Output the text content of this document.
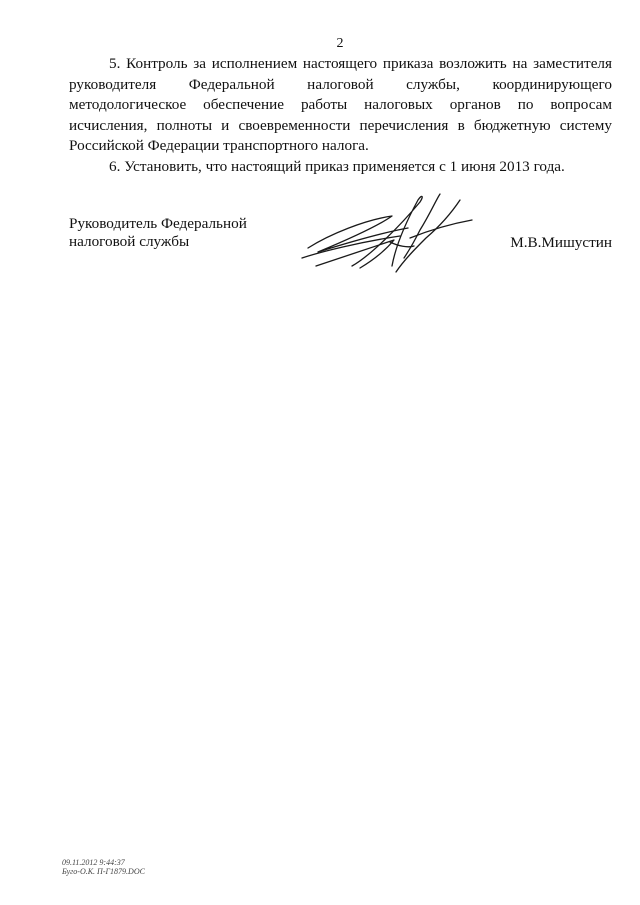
2

5. Контроль за исполнением настоящего приказа возложить на заместителя руководителя Федеральной налоговой службы, координирующего методологическое обеспечение работы налоговых органов по вопросам исчисления, полноты и своевременности перечисления в бюджетную систему Российской Федерации транспортного налога.

6. Установить, что настоящий приказ применяется с 1 июня 2013 года.

Руководитель Федеральной
налоговой службы	М.В.Мишустин
09.11.2012 9:44:37
Буго-О.К. П-Г1879.DOC
